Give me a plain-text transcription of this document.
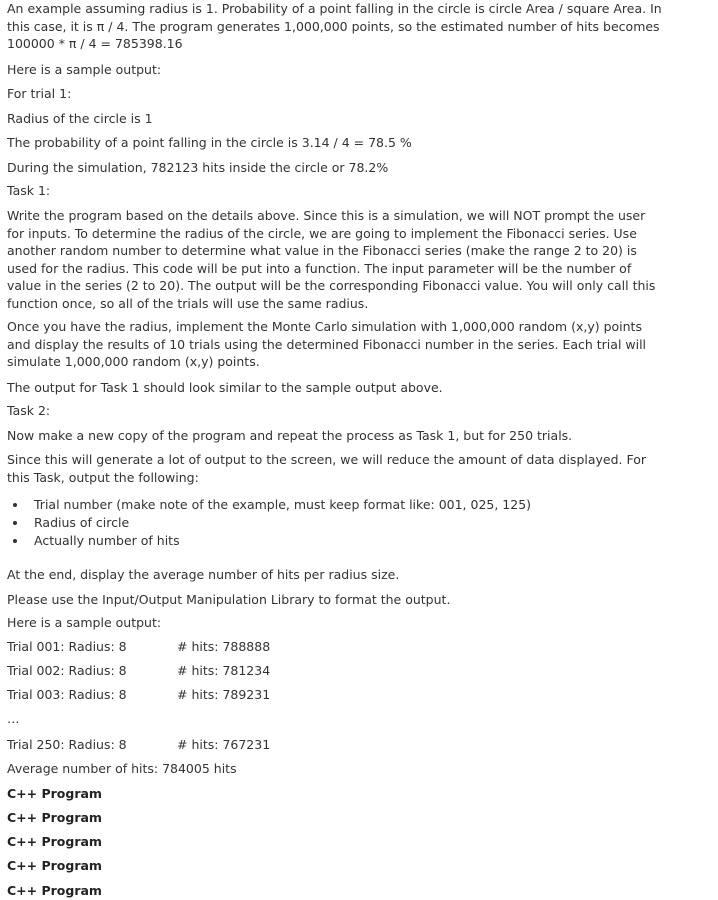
An example assuming radius is 1. Probability of a point falling in the circle is circle Area / square Area. In this case, it is π / 4. The program generates 1,000,000 points, so the estimated number of hits becomes 100000 * π / 4 = 785398.16

Here is a sample output:

For trial 1:

Radius of the circle is 1

The probability of a point falling in the circle is 3.14 / 4 = 78.5 %

During the simulation, 782123 hits inside the circle or 78.2%

Task 1:

Write the program based on the details above. Since this is a simulation, we will NOT prompt the user for inputs. To determine the radius of the circle, we are going to implement the Fibonacci series. Use another random number to determine what value in the Fibonacci series (make the range 2 to 20) is used for the radius. This code will be put into a function. The input parameter will be the number of value in the series (2 to 20). The output will be the corresponding Fibonacci value. You will only call this function once, so all of the trials will use the same radius.

Once you have the radius, implement the Monte Carlo simulation with 1,000,000 random (x,y) points and display the results of 10 trials using the determined Fibonacci number in the series. Each trial will simulate 1,000,000 random (x,y) points.

The output for Task 1 should look similar to the sample output above.

Task 2:

Now make a new copy of the program and repeat the process as Task 1, but for 250 trials.

Since this will generate a lot of output to the screen, we will reduce the amount of data displayed. For this Task, output the following:

Trial number (make note of the example, must keep format like: 001, 025, 125)
Radius of circle
Actually number of hits

At the end, display the average number of hits per radius size.

Please use the Input/Output Manipulation Library to format the output.

Here is a sample output:

Trial 001: Radius: 8	# hits: 788888
Trial 002: Radius: 8	# hits: 781234
Trial 003: Radius: 8	# hits: 789231

…

Trial 250: Radius: 8	# hits: 767231

Average number of hits: 784005 hits

C++ Program

C++ Program

C++ Program

C++ Program

C++ Program
